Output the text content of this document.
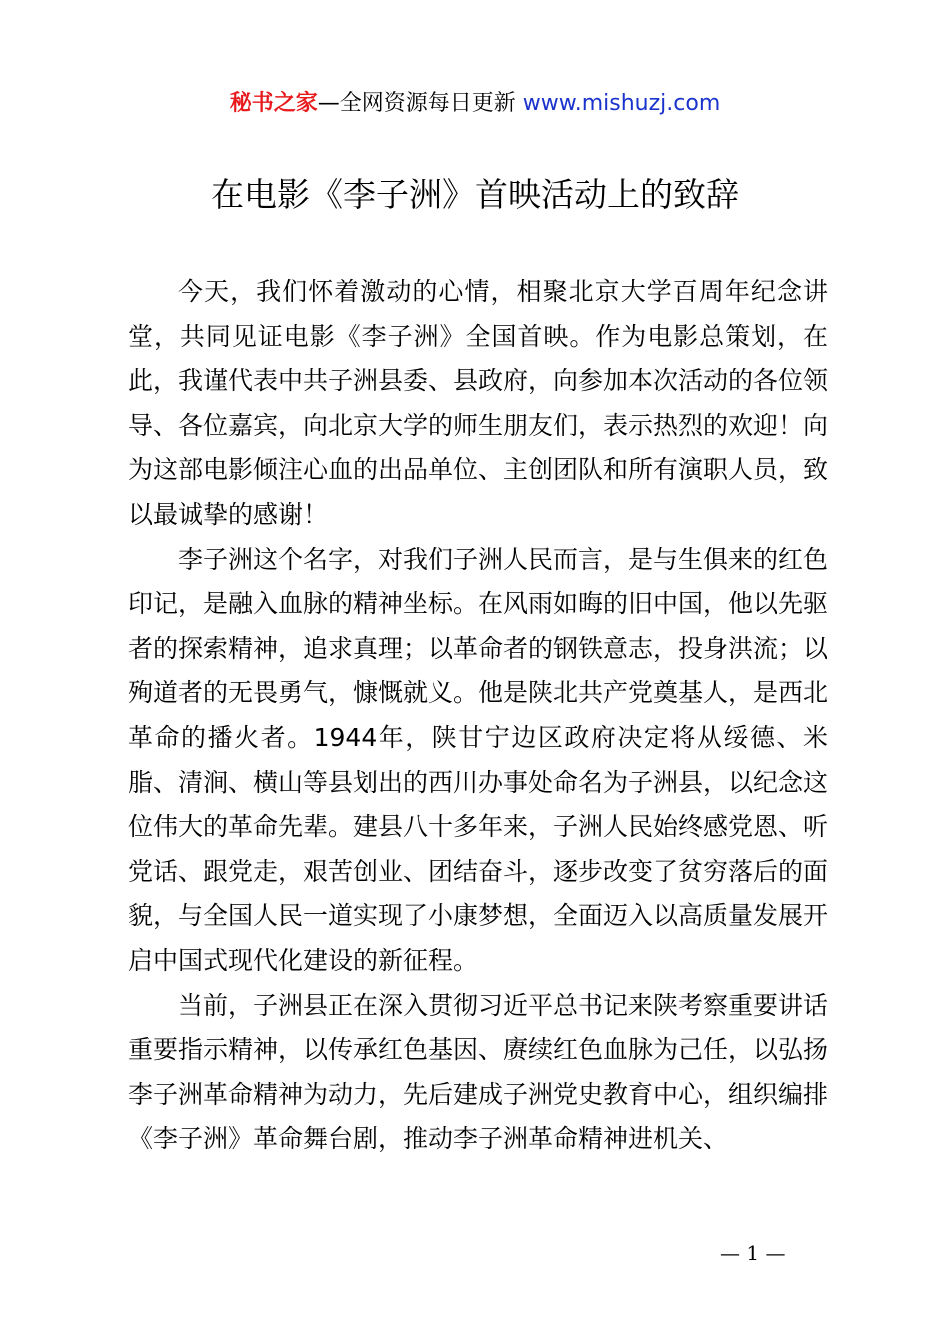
秘书之家—全网资源每日更新 www.mishuzj.com
在电影《李子洲》首映活动上的致辞

今天，我们怀着激动的心情，相聚北京大学百周年纪念讲堂，共同见证电影《李子洲》全国首映。作为电影总策划，在此，我谨代表中共子洲县委、县政府，向参加本次活动的各位领导、各位嘉宾，向北京大学的师生朋友们，表示热烈的欢迎！向为这部电影倾注心血的出品单位、主创团队和所有演职人员，致以最诚挚的感谢！

李子洲这个名字，对我们子洲人民而言，是与生俱来的红色印记，是融入血脉的精神坐标。在风雨如晦的旧中国，他以先驱者的探索精神，追求真理；以革命者的钢铁意志，投身洪流；以殉道者的无畏勇气，慷慨就义。他是陕北共产党奠基人，是西北革命的播火者。1944年，陕甘宁边区政府决定将从绥德、米脂、清涧、横山等县划出的西川办事处命名为子洲县，以纪念这位伟大的革命先辈。建县八十多年来，子洲人民始终感党恩、听党话、跟党走，艰苦创业、团结奋斗，逐步改变了贫穷落后的面貌，与全国人民一道实现了小康梦想，全面迈入以高质量发展开启中国式现代化建设的新征程。

当前，子洲县正在深入贯彻习近平总书记来陕考察重要讲话重要指示精神，以传承红色基因、赓续红色血脉为己任，以弘扬李子洲革命精神为动力，先后建成子洲党史教育中心，组织编排《李子洲》革命舞台剧，推动李子洲革命精神进机关、

— 1 —
